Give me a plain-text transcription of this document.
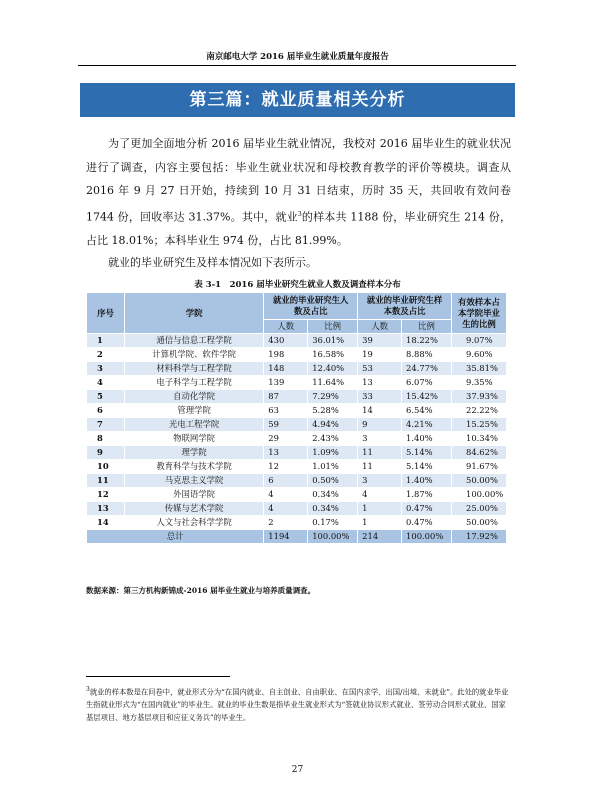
南京邮电大学 2016 届毕业生就业质量年度报告
第三篇：就业质量相关分析
为了更加全面地分析 2016 届毕业生就业情况，我校对 2016 届毕业生的就业状况进行了调查，内容主要包括：毕业生就业状况和母校教育教学的评价等模块。调查从 2016 年 9 月 27 日开始，持续到 10 月 31 日结束，历时 35 天，共回收有效问卷 1744 份，回收率达 31.37%。其中，就业$^3$的样本共 1188 份，毕业研究生 214 份，占比 18.01%；本科毕业生 974 份，占比 81.99%。
就业的毕业研究生及样本情况如下表所示。
表 3-1　2016 届毕业研究生就业人数及调查样本分布
序号	学院	就业的毕业研究生人数及占比		就业的毕业研究生样本数及占比		有效样本占本学院毕业生的比例
		人数	比例	人数	比例	
1	通信与信息工程学院	430	36.01%	39	18.22%	9.07%
2	计算机学院、软件学院	198	16.58%	19	8.88%	9.60%
3	材料科学与工程学院	148	12.40%	53	24.77%	35.81%
4	电子科学与工程学院	139	11.64%	13	6.07%	9.35%
5	自动化学院	87	7.29%	33	15.42%	37.93%
6	管理学院	63	5.28%	14	6.54%	22.22%
7	光电工程学院	59	4.94%	9	4.21%	15.25%
8	物联网学院	29	2.43%	3	1.40%	10.34%
9	理学院	13	1.09%	11	5.14%	84.62%
10	教育科学与技术学院	12	1.01%	11	5.14%	91.67%
11	马克思主义学院	6	0.50%	3	1.40%	50.00%
12	外国语学院	4	0.34%	4	1.87%	100.00%
13	传媒与艺术学院	4	0.34%	1	0.47%	25.00%
14	人文与社会科学学院	2	0.17%	1	0.47%	50.00%
总计		1194	100.00%	214	100.00%	17.92%
数据来源：第三方机构新锦成-2016 届毕业生就业与培养质量调查。
$^3$就业的样本数是在问卷中，就业形式分为“在国内就业、自主创业、自由职业、在国内求学、出国/出境、未就业”。此处的就业毕业生指就业形式为“在国内就业”的毕业生。就业的毕业生数是指毕业生就业形式为“签就业协议形式就业、签劳动合同形式就业、国家基层项目、地方基层项目和应征义务兵”的毕业生。
27
